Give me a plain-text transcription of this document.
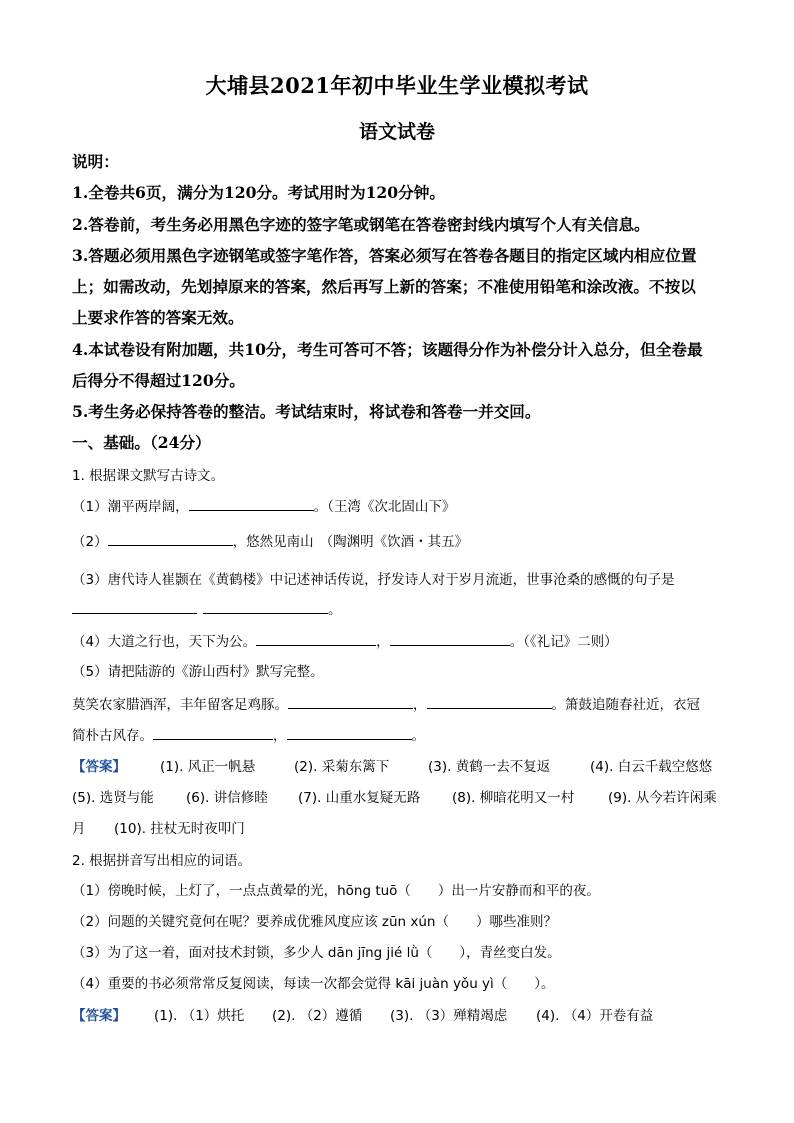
大埔县2021年初中毕业生学业模拟考试
语文试卷
说明：
1.全卷共6页，满分为120分。考试用时为120分钟。
2.答卷前，考生务必用黑色字迹的签字笔或钢笔在答卷密封线内填写个人有关信息。
3.答题必须用黑色字迹钢笔或签字笔作答，答案必须写在答卷各题目的指定区域内相应位置
上；如需改动，先划掉原来的答案，然后再写上新的答案；不准使用铅笔和涂改液。不按以
上要求作答的答案无效。
4.本试卷设有附加题，共10分，考生可答可不答；该题得分作为补偿分计入总分，但全卷最
后得分不得超过120分。
5.考生务必保持答卷的整洁。考试结束时，将试卷和答卷一并交回。
一、基础。（24分）
1. 根据课文默写古诗文。
（1）潮平两岸阔，	。（王湾《次北固山下》
（2）	，悠然见南山 （陶渊明《饮酒・其五》
（3）唐代诗人崔颢在《黄鹤楼》中记述神话传说，抒发诗人对于岁月流逝，世事沧桑的感慨的句子是
。
（4）大道之行也，天下为公。	，	。（《礼记》二则）
（5）请把陆游的《游山西村》默写完整。
莫笑农家腊酒浑，丰年留客足鸡豚。	，	。箫鼓追随春社近，衣冠
简朴古风存。	，	。
【答案】	(1). 风正一帆悬	(2). 采菊东篱下	(3). 黄鹤一去不复返	(4). 白云千载空悠悠
(5). 选贤与能 (6). 讲信修睦 (7). 山重水复疑无路 (8). 柳暗花明又一村	(9). 从今若许闲乘
月 (10). 拄杖无时夜叩门
2. 根据拼音写出相应的词语。
（1）傍晚时候，上灯了，一点点黄晕的光，hōng tuō（　　）出一片安静而和平的夜。
（2）问题的关键究竟何在呢？要养成优雅风度应该 zūn xún（　　）哪些准则？
（3）为了这一着，面对技术封锁，多少人 dān jīng jié lǜ（　　），青丝变白发。
（4）重要的书必须常常反复阅读，每读一次都会觉得 kāi juàn yǒu yì（　　）。
【答案】 (1). （1）烘托 (2). （2）遵循 (3). （3）殚精竭虑 (4). （4）开卷有益
